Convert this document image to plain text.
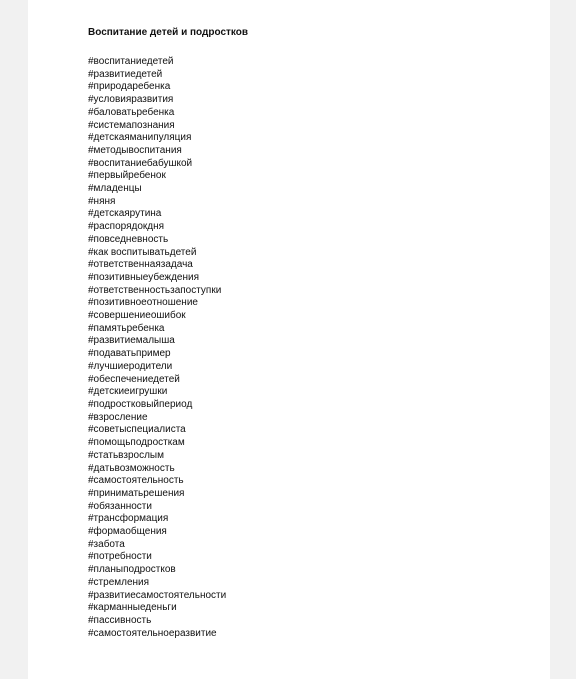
Воспитание детей и подростков
#воспитаниедетей
#развитиедетей
#природаребенка
#условияразвития
#баловатьребенка
#системапознания
#детскаяманипуляция
#методывоспитания
#воспитаниебабушкой
#первыйребенок
#младенцы
#няня
#детскаярутина
#распорядокдня
#повседневность
#как воспитыватьдетей
#ответственнаязадача
#позитивныеубеждения
#ответственностьзапоступки
#позитивноеотношение
#совершениеошибок
#памятьребенка
#развитиемалыша
#подаватьпример
#лучшиеродители
#обеспечениедетей
#детскиеигрушки
#подростковыйпериод
#взросление
#советыспециалиста
#помощьподросткам
#статьвзрослым
#датьвозможность
#самостоятельность
#приниматьрешения
#обязанности
#трансформация
#формаобщения
#забота
#потребности
#планыподростков
#стремления
#развитиесамостоятельности
#карманныеденьги
#пассивность
#самостоятельноеразвитие
